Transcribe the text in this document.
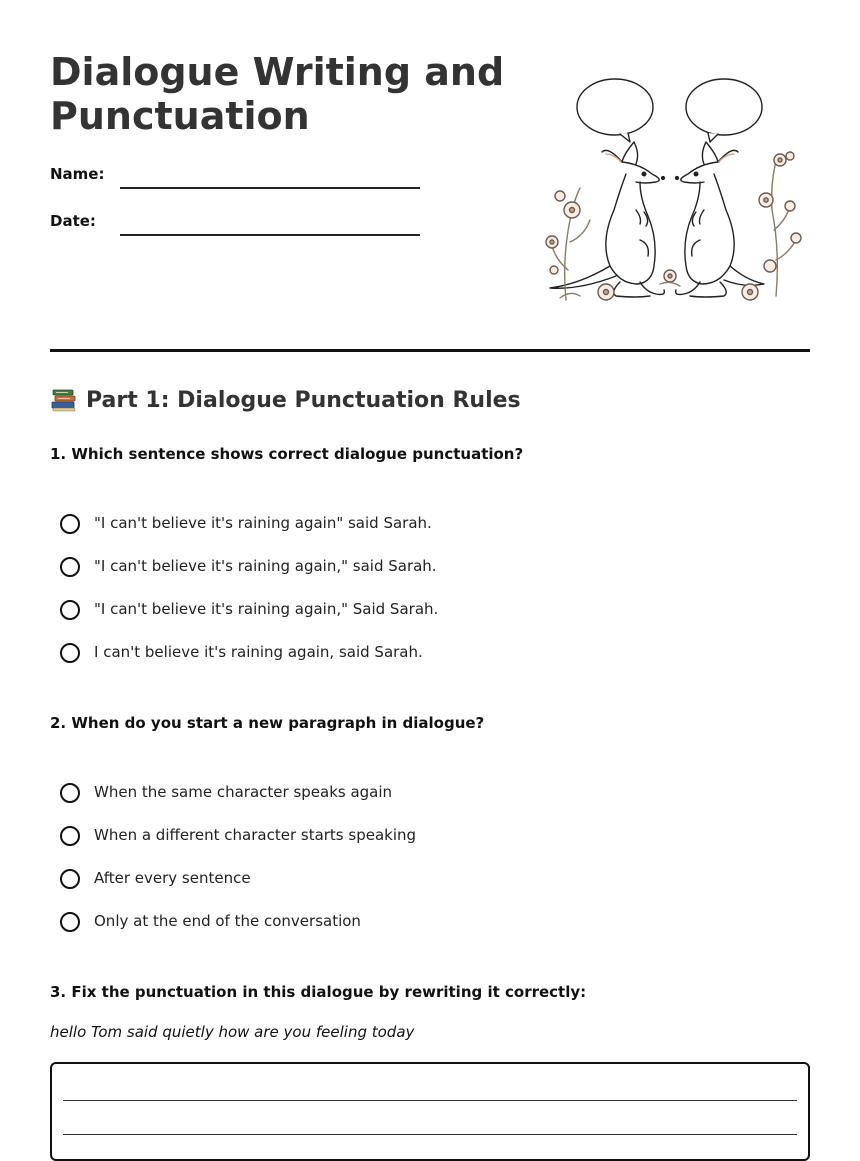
Dialogue Writing and Punctuation
Name:
Date:
Part 1: Dialogue Punctuation Rules
1. Which sentence shows correct dialogue punctuation?
"I can't believe it's raining again" said Sarah.
"I can't believe it's raining again," said Sarah.
"I can't believe it's raining again," Said Sarah.
I can't believe it's raining again, said Sarah.
2. When do you start a new paragraph in dialogue?
When the same character speaks again
When a different character starts speaking
After every sentence
Only at the end of the conversation
3. Fix the punctuation in this dialogue by rewriting it correctly:
hello Tom said quietly how are you feeling today
